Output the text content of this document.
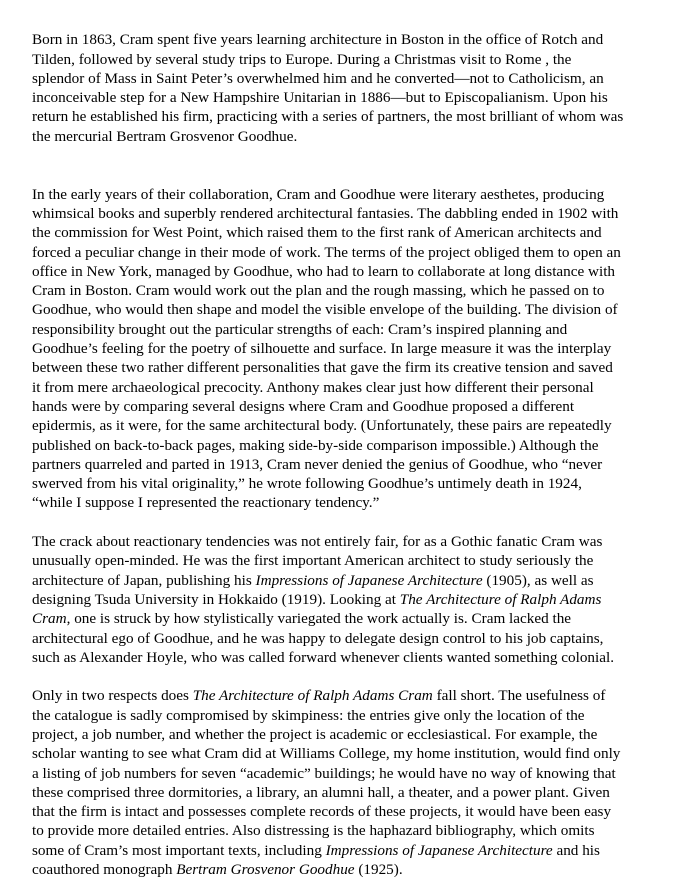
Born in 1863, Cram spent five years learning architecture in Boston in the office of Rotch and
Tilden, followed by several study trips to Europe. During a Christmas visit to Rome , the
splendor of Mass in Saint Peter’s overwhelmed him and he converted—not to Catholicism, an
inconceivable step for a New Hampshire Unitarian in 1886—but to Episcopalianism. Upon his
return he established his firm, practicing with a series of partners, the most brilliant of whom was
the mercurial Bertram Grosvenor Goodhue.

In the early years of their collaboration, Cram and Goodhue were literary aesthetes, producing
whimsical books and superbly rendered architectural fantasies. The dabbling ended in 1902 with
the commission for West Point, which raised them to the first rank of American architects and
forced a peculiar change in their mode of work. The terms of the project obliged them to open an
office in New York, managed by Goodhue, who had to learn to collaborate at long distance with
Cram in Boston. Cram would work out the plan and the rough massing, which he passed on to
Goodhue, who would then shape and model the visible envelope of the building. The division of
responsibility brought out the particular strengths of each: Cram’s inspired planning and
Goodhue’s feeling for the poetry of silhouette and surface. In large measure it was the interplay
between these two rather different personalities that gave the firm its creative tension and saved
it from mere archaeological precocity. Anthony makes clear just how different their personal
hands were by comparing several designs where Cram and Goodhue proposed a different
epidermis, as it were, for the same architectural body. (Unfortunately, these pairs are repeatedly
published on back-to-back pages, making side-by-side comparison impossible.) Although the
partners quarreled and parted in 1913, Cram never denied the genius of Goodhue, who “never
swerved from his vital originality,” he wrote following Goodhue’s untimely death in 1924,
“while I suppose I represented the reactionary tendency.”

The crack about reactionary tendencies was not entirely fair, for as a Gothic fanatic Cram was
unusually open-minded. He was the first important American architect to study seriously the
architecture of Japan, publishing his Impressions of Japanese Architecture (1905), as well as
designing Tsuda University in Hokkaido (1919). Looking at The Architecture of Ralph Adams
Cram, one is struck by how stylistically variegated the work actually is. Cram lacked the
architectural ego of Goodhue, and he was happy to delegate design control to his job captains,
such as Alexander Hoyle, who was called forward whenever clients wanted something colonial.

Only in two respects does The Architecture of Ralph Adams Cram fall short. The usefulness of
the catalogue is sadly compromised by skimpiness: the entries give only the location of the
project, a job number, and whether the project is academic or ecclesiastical. For example, the
scholar wanting to see what Cram did at Williams College, my home institution, would find only
a listing of job numbers for seven “academic” buildings; he would have no way of knowing that
these comprised three dormitories, a library, an alumni hall, a theater, and a power plant. Given
that the firm is intact and possesses complete records of these projects, it would have been easy
to provide more detailed entries. Also distressing is the haphazard bibliography, which omits
some of Cram’s most important texts, including Impressions of Japanese Architecture and his
coauthored monograph Bertram Grosvenor Goodhue (1925).
